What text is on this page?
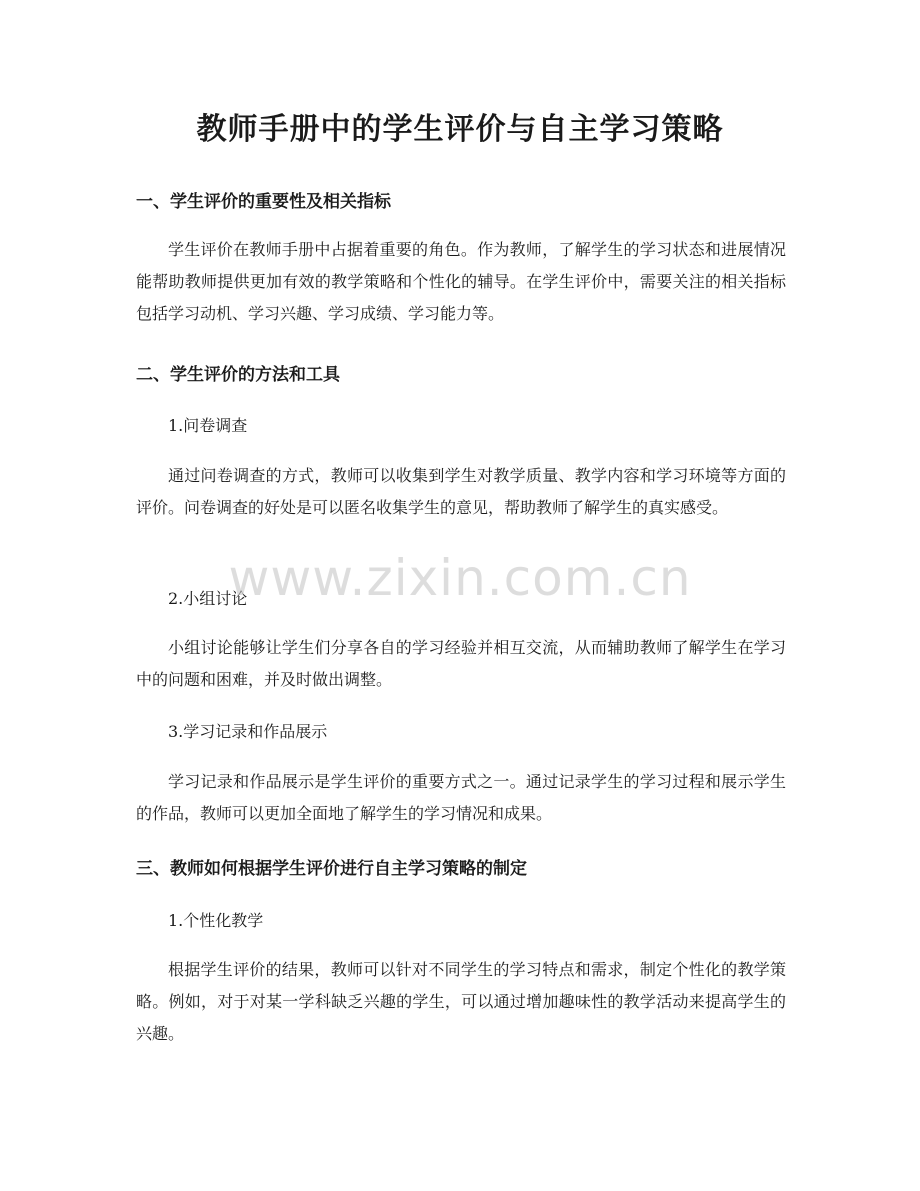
教师手册中的学生评价与自主学习策略
一、学生评价的重要性及相关指标

学生评价在教师手册中占据着重要的角色。作为教师，了解学生的学习状态和进展情况能帮助教师提供更加有效的教学策略和个性化的辅导。在学生评价中，需要关注的相关指标包括学习动机、学习兴趣、学习成绩、学习能力等。

二、学生评价的方法和工具

1.问卷调查

通过问卷调查的方式，教师可以收集到学生对教学质量、教学内容和学习环境等方面的评价。问卷调查的好处是可以匿名收集学生的意见，帮助教师了解学生的真实感受。

2.小组讨论

小组讨论能够让学生们分享各自的学习经验并相互交流，从而辅助教师了解学生在学习中的问题和困难，并及时做出调整。

3.学习记录和作品展示

学习记录和作品展示是学生评价的重要方式之一。通过记录学生的学习过程和展示学生的作品，教师可以更加全面地了解学生的学习情况和成果。

三、教师如何根据学生评价进行自主学习策略的制定

1.个性化教学

根据学生评价的结果，教师可以针对不同学生的学习特点和需求，制定个性化的教学策略。例如，对于对某一学科缺乏兴趣的学生，可以通过增加趣味性的教学活动来提高学生的兴趣。

www.zixin.com.cn
